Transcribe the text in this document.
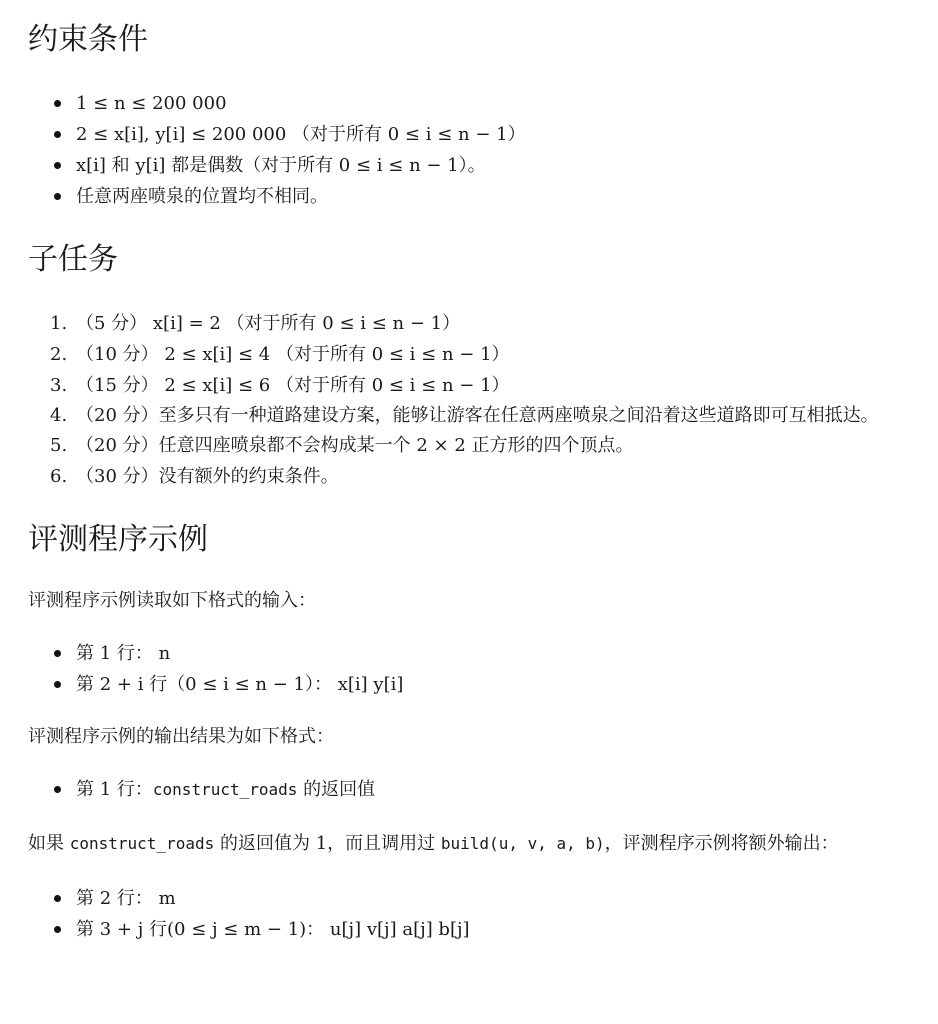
约束条件
1 ≤ n ≤ 200 000
2 ≤ x[i], y[i] ≤ 200 000 （对于所有 0 ≤ i ≤ n − 1）
x[i] 和 y[i] 都是偶数（对于所有 0 ≤ i ≤ n − 1）。
任意两座喷泉的位置均不相同。
子任务
1. （5 分） x[i] = 2 （对于所有 0 ≤ i ≤ n − 1）
2. （10 分） 2 ≤ x[i] ≤ 4 （对于所有 0 ≤ i ≤ n − 1）
3. （15 分） 2 ≤ x[i] ≤ 6 （对于所有 0 ≤ i ≤ n − 1）
4. （20 分）至多只有一种道路建设方案，能够让游客在任意两座喷泉之间沿着这些道路即可互相抵达。
5. （20 分）任意四座喷泉都不会构成某一个 2 × 2 正方形的四个顶点。
6. （30 分）没有额外的约束条件。
评测程序示例

评测程序示例读取如下格式的输入：

第 1 行： n
第 2 + i 行（0 ≤ i ≤ n − 1）： x[i] y[i]

评测程序示例的输出结果为如下格式：

第 1 行：construct_roads 的返回值

如果 construct_roads 的返回值为 1，而且调用过 build(u, v, a, b)，评测程序示例将额外输出：

第 2 行： m
第 3 + j 行(0 ≤ j ≤ m − 1)： u[j] v[j] a[j] b[j]
